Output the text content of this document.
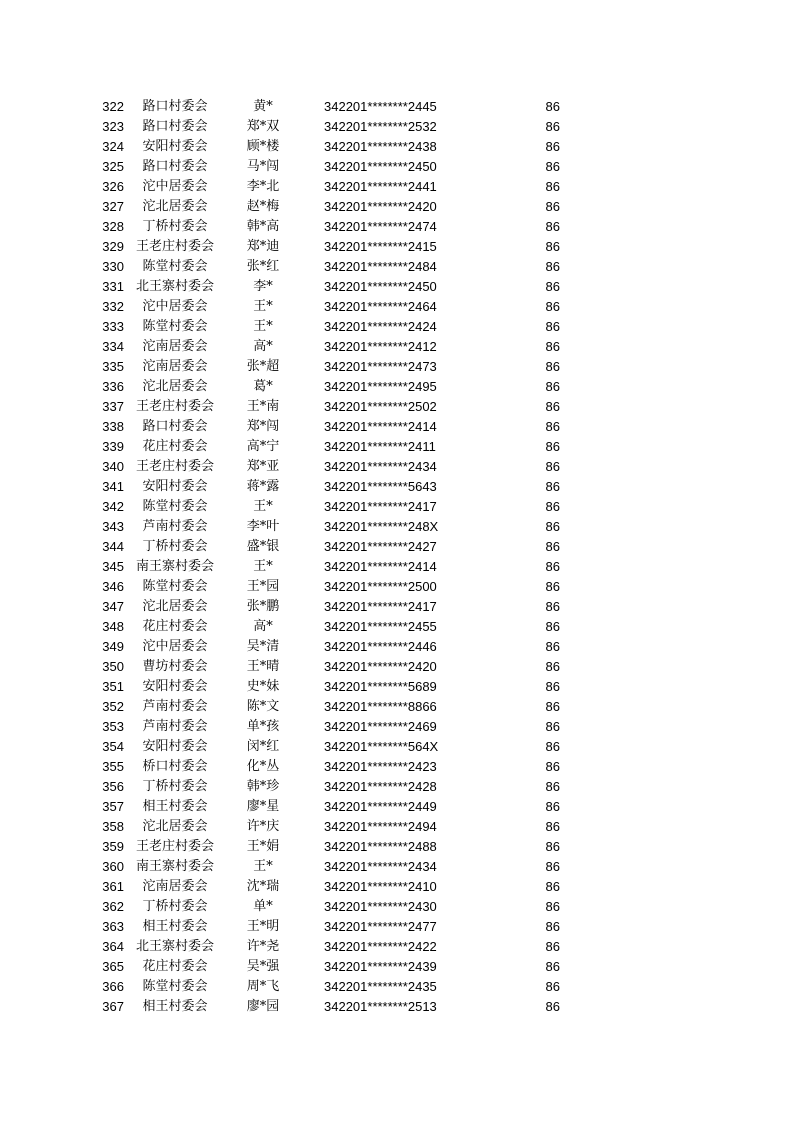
322	路口村委会	黄*	342201********2445	86
323	路口村委会	郑*双	342201********2532	86
324	安阳村委会	顾*楼	342201********2438	86
325	路口村委会	马*闯	342201********2450	86
326	沱中居委会	李*北	342201********2441	86
327	沱北居委会	赵*梅	342201********2420	86
328	丁桥村委会	韩*高	342201********2474	86
329 王老庄村委会	郑*迪	342201********2415	86
330	陈堂村委会	张*红	342201********2484	86
331 北王寨村委会	李*	342201********2450	86
332	沱中居委会	王*	342201********2464	86
333	陈堂村委会	王*	342201********2424	86
334	沱南居委会	高*	342201********2412	86
335	沱南居委会	张*超	342201********2473	86
336	沱北居委会	葛*	342201********2495	86
337 王老庄村委会	王*南	342201********2502	86
338	路口村委会	郑*闯	342201********2414	86
339	花庄村委会	高*宁	342201********2411	86
340 王老庄村委会	郑*亚	342201********2434	86
341	安阳村委会	蒋*露	342201********5643	86
342	陈堂村委会	王*	342201********2417	86
343	芦南村委会	李*叶	342201********248X	86
344	丁桥村委会	盛*银	342201********2427	86
345 南王寨村委会	王*	342201********2414	86
346	陈堂村委会	王*园	342201********2500	86
347	沱北居委会	张*鹏	342201********2417	86
348	花庄村委会	高*	342201********2455	86
349	沱中居委会	吴*清	342201********2446	86
350	曹坊村委会	王*晴	342201********2420	86
351	安阳村委会	史*妹	342201********5689	86
352	芦南村委会	陈*文	342201********8866	86
353	芦南村委会	单*孩	342201********2469	86
354	安阳村委会	闵*红	342201********564X	86
355	桥口村委会	化*丛	342201********2423	86
356	丁桥村委会	韩*珍	342201********2428	86
357	相王村委会	廖*星	342201********2449	86
358	沱北居委会	许*庆	342201********2494	86
359 王老庄村委会	王*娟	342201********2488	86
360 南王寨村委会	王*	342201********2434	86
361	沱南居委会	沈*瑞	342201********2410	86
362	丁桥村委会	单*	342201********2430	86
363	相王村委会	王*明	342201********2477	86
364 北王寨村委会	许*尧	342201********2422	86
365	花庄村委会	吴*强	342201********2439	86
366	陈堂村委会	周*飞	342201********2435	86
367	相王村委会	廖*园	342201********2513	86
